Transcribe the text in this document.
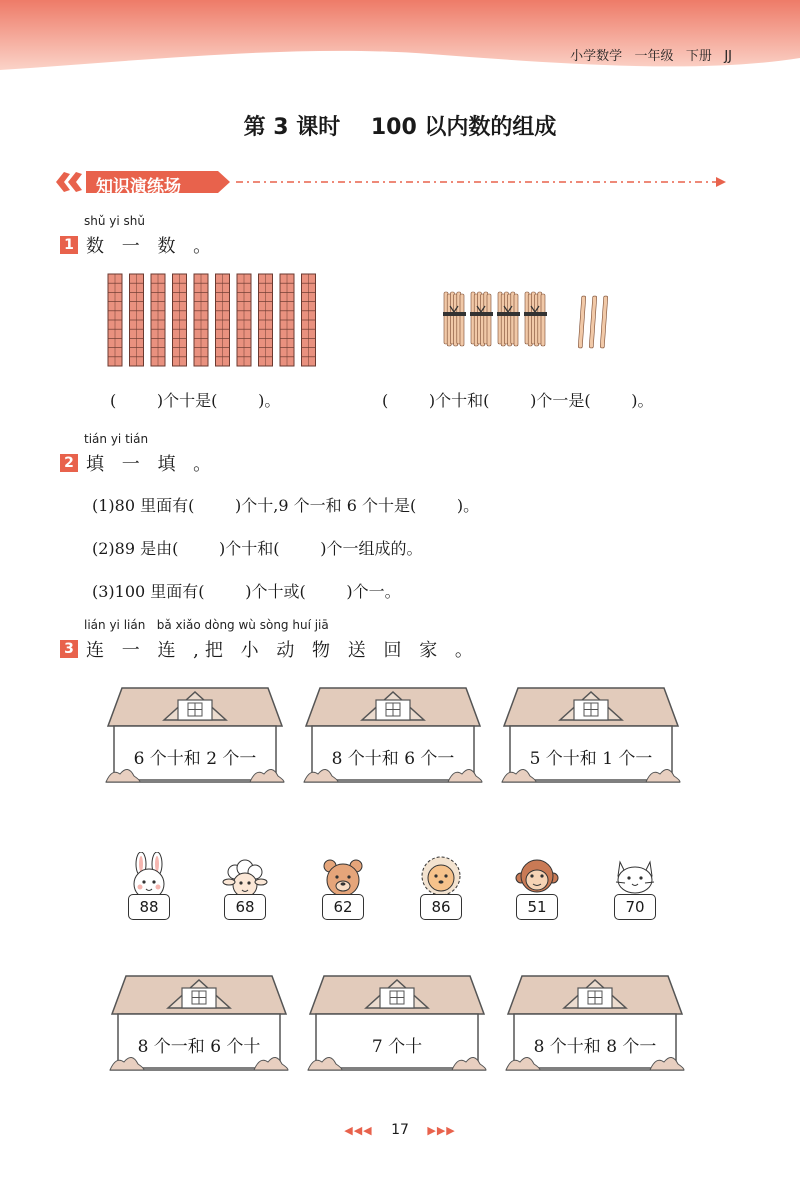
小学数学   一年级   下册   JJ
第 3 课时    100 以内数的组成
知识演练场
shǔ yi shǔ
1 数 一 数 。
(        )个十是(        )。	(        )个十和(        )个一是(        )。
tián yi tián
2 填 一 填 。
(1)80 里面有(        )个十,9 个一和 6 个十是(        )。
(2)89 是由(        )个十和(        )个一组成的。
(3)100 里面有(        )个十或(        )个一。
lián yi lián   bǎ xiǎo dòng wù sòng huí jiā
3 连 一 连 ,把 小 动 物 送 回 家 。
6 个十和 2 个一	8 个十和 6 个一	5 个十和 1 个一
88	68	62	86	51	70
8 个一和 6 个十	7 个十	8 个十和 8 个一
◀◀◀ 17 ▶▶▶
